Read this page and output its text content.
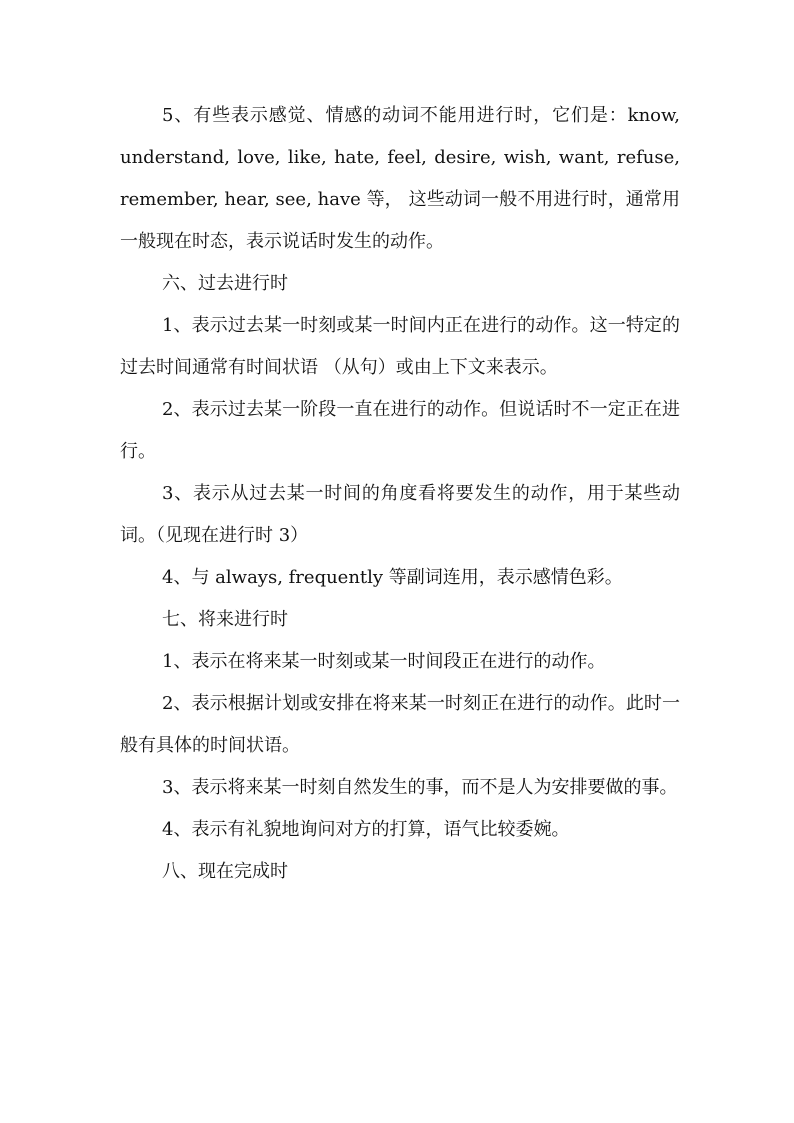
5、有些表示感觉、情感的动词不能用进行时，它们是：know, understand, love, like, hate, feel, desire, wish, want, refuse, remember, hear, see, have 等， 这些动词一般不用进行时，通常用一般现在时态，表示说话时发生的动作。

六、过去进行时

1、表示过去某一时刻或某一时间内正在进行的动作。这一特定的过去时间通常有时间状语 （从句）或由上下文来表示。

2、表示过去某一阶段一直在进行的动作。但说话时不一定正在进行。

3、表示从过去某一时间的角度看将要发生的动作，用于某些动词。（见现在进行时 3）

4、与 always, frequently 等副词连用，表示感情色彩。

七、将来进行时

1、表示在将来某一时刻或某一时间段正在进行的动作。

2、表示根据计划或安排在将来某一时刻正在进行的动作。此时一般有具体的时间状语。

3、表示将来某一时刻自然发生的事，而不是人为安排要做的事。

4、表示有礼貌地询问对方的打算，语气比较委婉。

八、现在完成时
